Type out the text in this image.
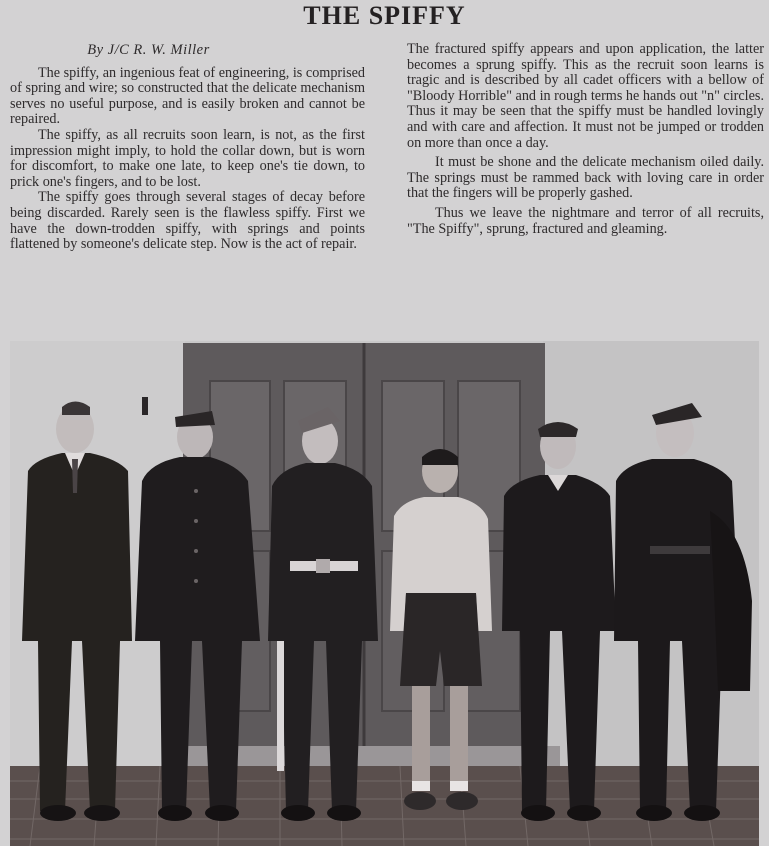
THE SPIFFY
By J/C R. W. Miller

The spiffy, an ingenious feat of engineering, is comprised of spring and wire; so constructed that the delicate mechanism serves no useful purpose, and is easily broken and cannot be repaired.

The spiffy, as all recruits soon learn, is not, as the first impression might imply, to hold the collar down, but is worn for discomfort, to make one late, to keep one's tie down, to prick one's fingers, and to be lost.

The spiffy goes through several stages of decay before being discarded. Rarely seen is the flawless spiffy. First we have the down-trodden spiffy, with springs and points flattened by someone's delicate step. Now is the act of repair.

The fractured spiffy appears and upon application, the latter becomes a sprung spiffy. This as the recruit soon learns is tragic and is described by all cadet officers with a bellow of "Bloody Horrible" and in rough terms he hands out "n" circles. Thus it may be seen that the spiffy must be handled lovingly and with care and affection. It must not be jumped or trodden on more than once a day.

It must be shone and the delicate mechanism oiled daily. The springs must be rammed back with loving care in order that the fingers will be properly gashed.

Thus we leave the nightmare and terror of all recruits, "The Spiffy", sprung, fractured and gleaming.
